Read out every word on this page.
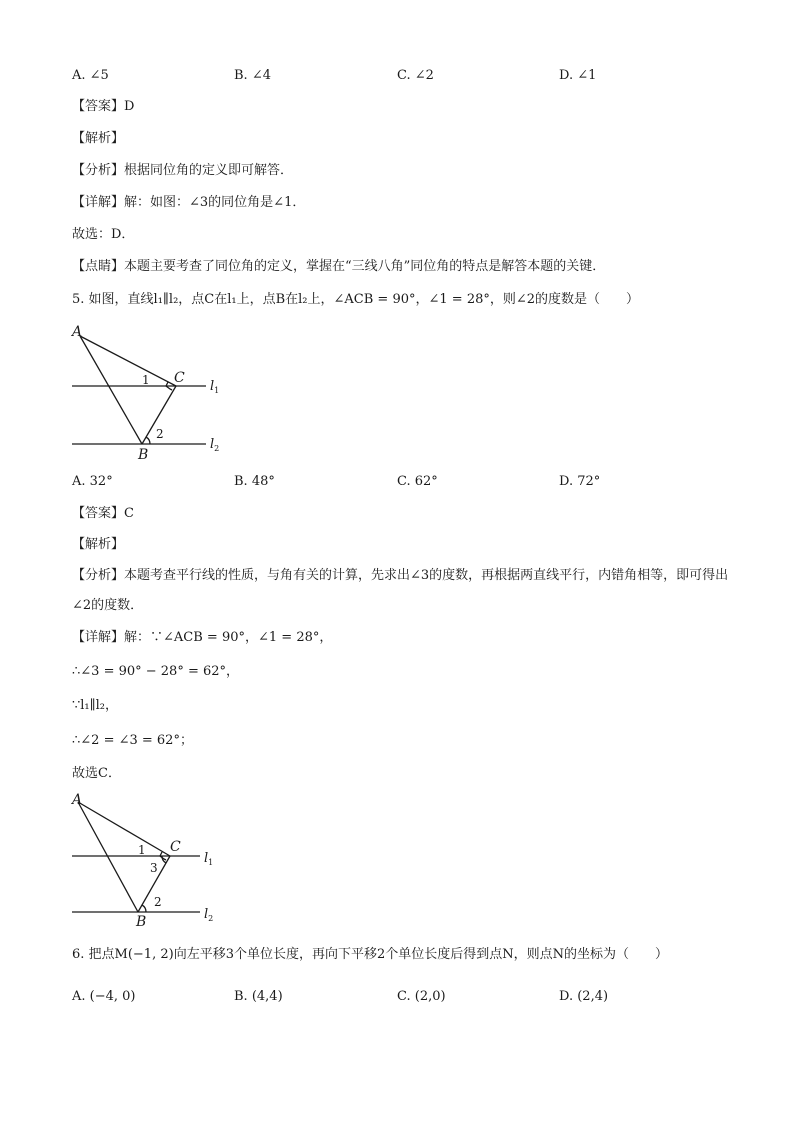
A. ∠5	B. ∠4	C. ∠2	D. ∠1
【答案】D
【解析】
【分析】根据同位角的定义即可解答．
【详解】解：如图：∠3的同位角是∠1．
故选：D．
【点睛】本题主要考查了同位角的定义，掌握在“三线八角”同位角的特点是解答本题的关键．
5. 如图，直线l₁∥l₂，点C在l₁上，点B在l₂上，∠ACB = 90°，∠1 = 28°，则∠2的度数是（　　）
A
C
1
2
B
$l_1$
$l_2$
A. 32°	B. 48°	C. 62°	D. 72°
【答案】C
【解析】
【分析】本题考查平行线的性质，与角有关的计算，先求出∠3的度数，再根据两直线平行，内错角相等，即可得出∠2的度数．
【详解】解：∵∠ACB = 90°，∠1 = 28°，
∴∠3 = 90° − 28° = 62°，
∵l₁∥l₂，
∴∠2 = ∠3 = 62°；
故选C．
A
C
1
3
2
B
$l_1$
$l_2$
6. 把点M(−1, 2)向左平移3个单位长度，再向下平移2个单位长度后得到点N，则点N的坐标为（　　）
A. (−4, 0)	B. (4,4)	C. (2,0)	D. (2,4)
